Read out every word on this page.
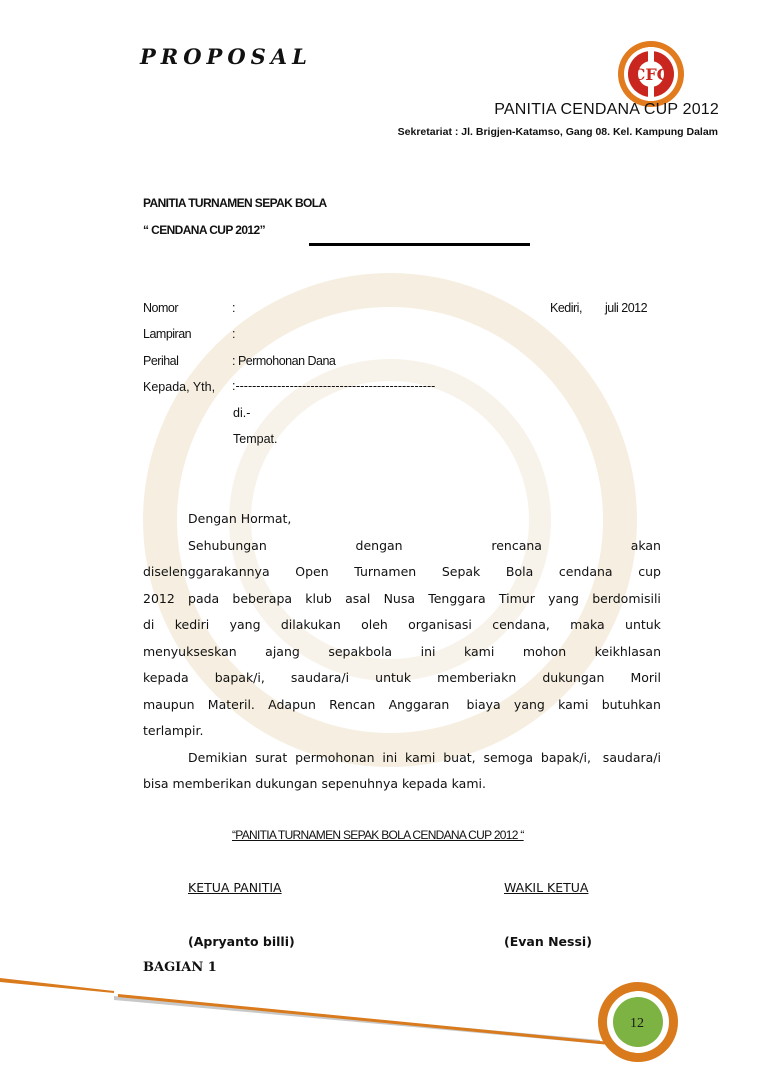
PROPOSAL
CFC
PANITIA CENDANA CUP 2012
Sekretariat : Jl. Brigjen-Katamso, Gang 08. Kel. Kampung Dalam
PANITIA TURNAMEN SEPAK BOLA
“ CENDANA CUP 2012”
Nomor	:	Kediri, juli 2012
Lampiran	:
Perihal	: Permohonan Dana
Kepada, Yth, :------------------------------------------------
di.-
Tempat.
Dengan Hormat,
Sehubungan	dengan	rencana	akan
diselenggarakannya Open Turnamen Sepak Bola cendana cup
2012 pada beberapa klub asal Nusa Tenggara Timur yang berdomisili
di kediri yang dilakukan oleh organisasi cendana, maka untuk
menyukseskan ajang sepakbola ini kami mohon keikhlasan
kepada bapak/i, saudara/i untuk memberiakn dukungan Moril
maupun Materil. Adapun Rencan Anggaran biaya yang kami butuhkan
terlampir.
Demikian surat permohonan ini kami buat, semoga bapak/i, saudara/i
bisa memberikan dukungan sepenuhnya kepada kami.
“PANITIA TURNAMEN SEPAK BOLA CENDANA CUP 2012 “
KETUA PANITIA	WAKIL KETUA
(Apryanto billi)	(Evan Nessi)
BAGIAN 1
12
